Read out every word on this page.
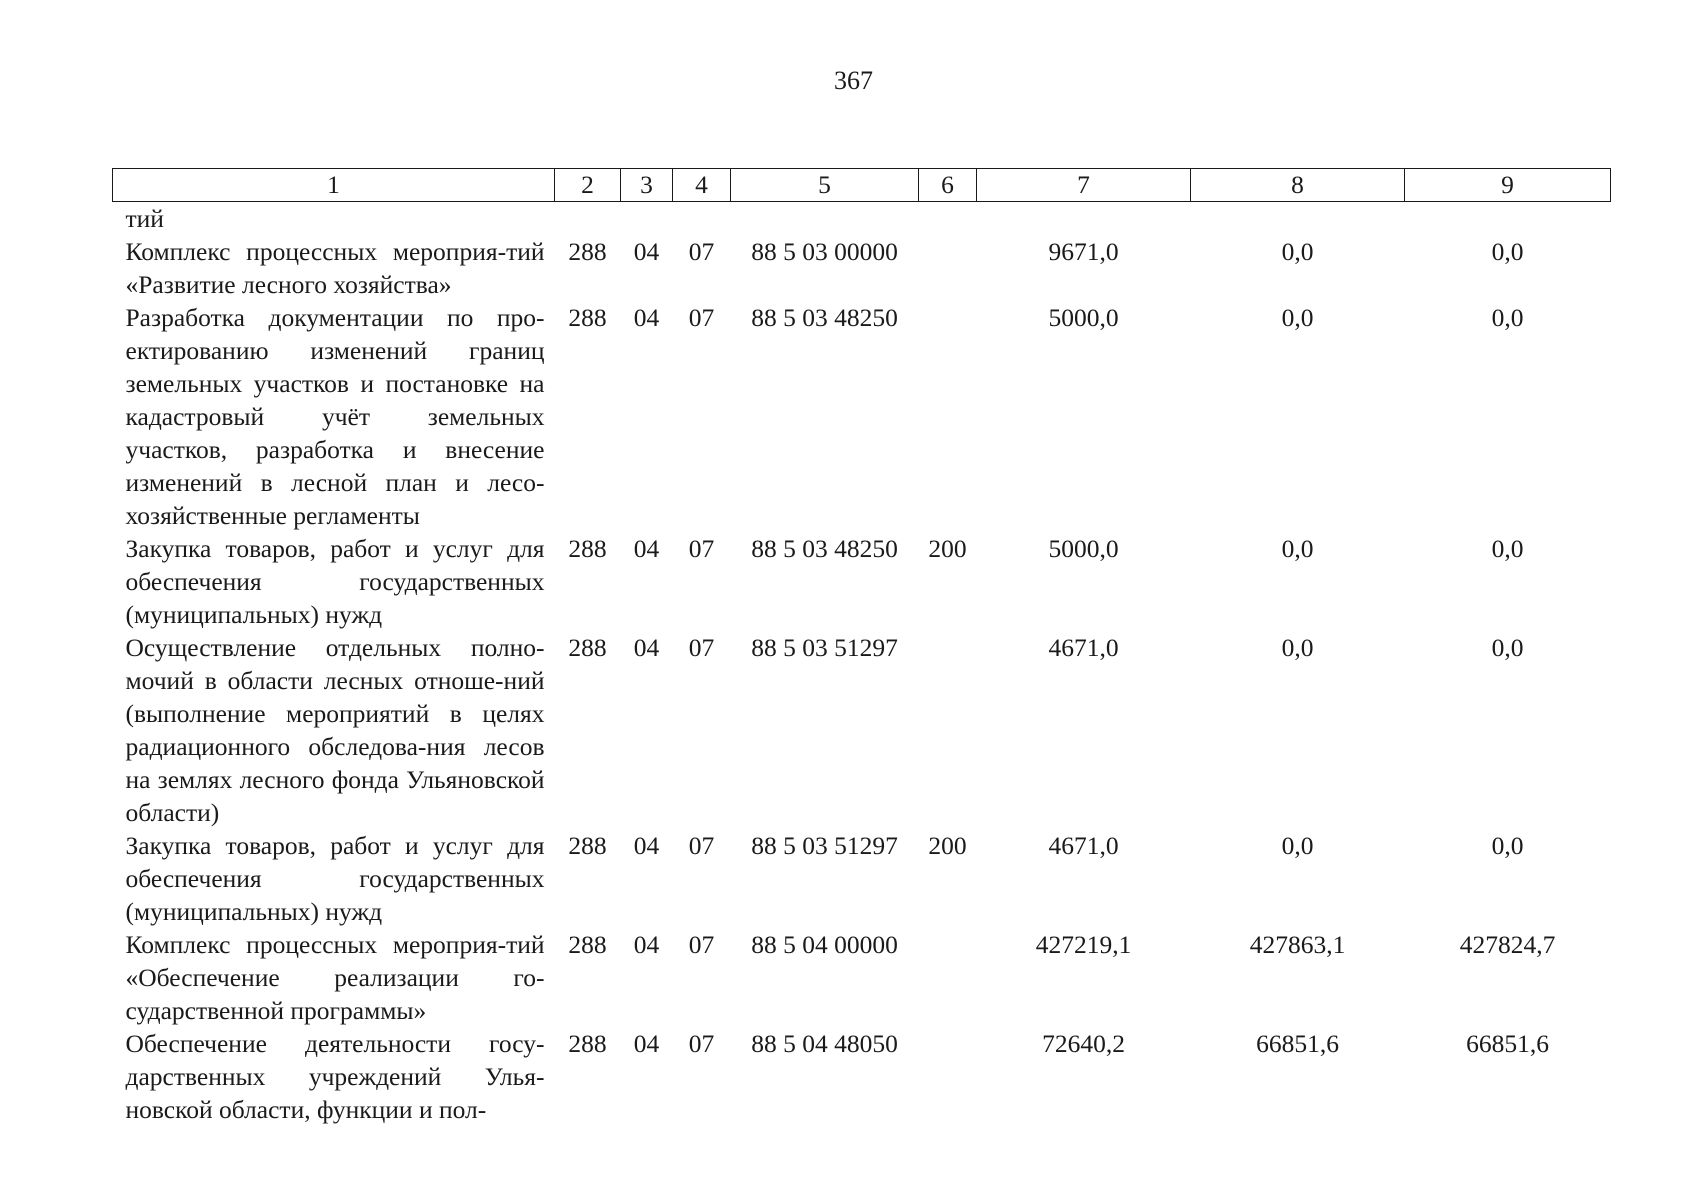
367
1	2	3	4	5	6	7	8	9
тий								
Комплекс процессных мероприя-тий «Развитие лесного хозяйства»	288	04	07	88 5 03 00000		9671,0	0,0	0,0
Разработка документации по про-ектированию изменений границ земельных участков и постановке на кадастровый учёт земельных участков, разработка и внесение изменений в лесной план и лесо-хозяйственные регламенты	288	04	07	88 5 03 48250		5000,0	0,0	0,0
Закупка товаров, работ и услуг для обеспечения государственных (муниципальных) нужд	288	04	07	88 5 03 48250	200	5000,0	0,0	0,0
Осуществление отдельных полно-мочий в области лесных отноше-ний (выполнение мероприятий в целях радиационного обследова-ния лесов на землях лесного фонда Ульяновской области)	288	04	07	88 5 03 51297		4671,0	0,0	0,0
Закупка товаров, работ и услуг для обеспечения государственных (муниципальных) нужд	288	04	07	88 5 03 51297	200	4671,0	0,0	0,0
Комплекс процессных мероприя-тий «Обеспечение реализации го-сударственной программы»	288	04	07	88 5 04 00000		427219,1	427863,1	427824,7
Обеспечение деятельности госу-дарственных учреждений Улья-новской области, функции и пол-	288	04	07	88 5 04 48050		72640,2	66851,6	66851,6
